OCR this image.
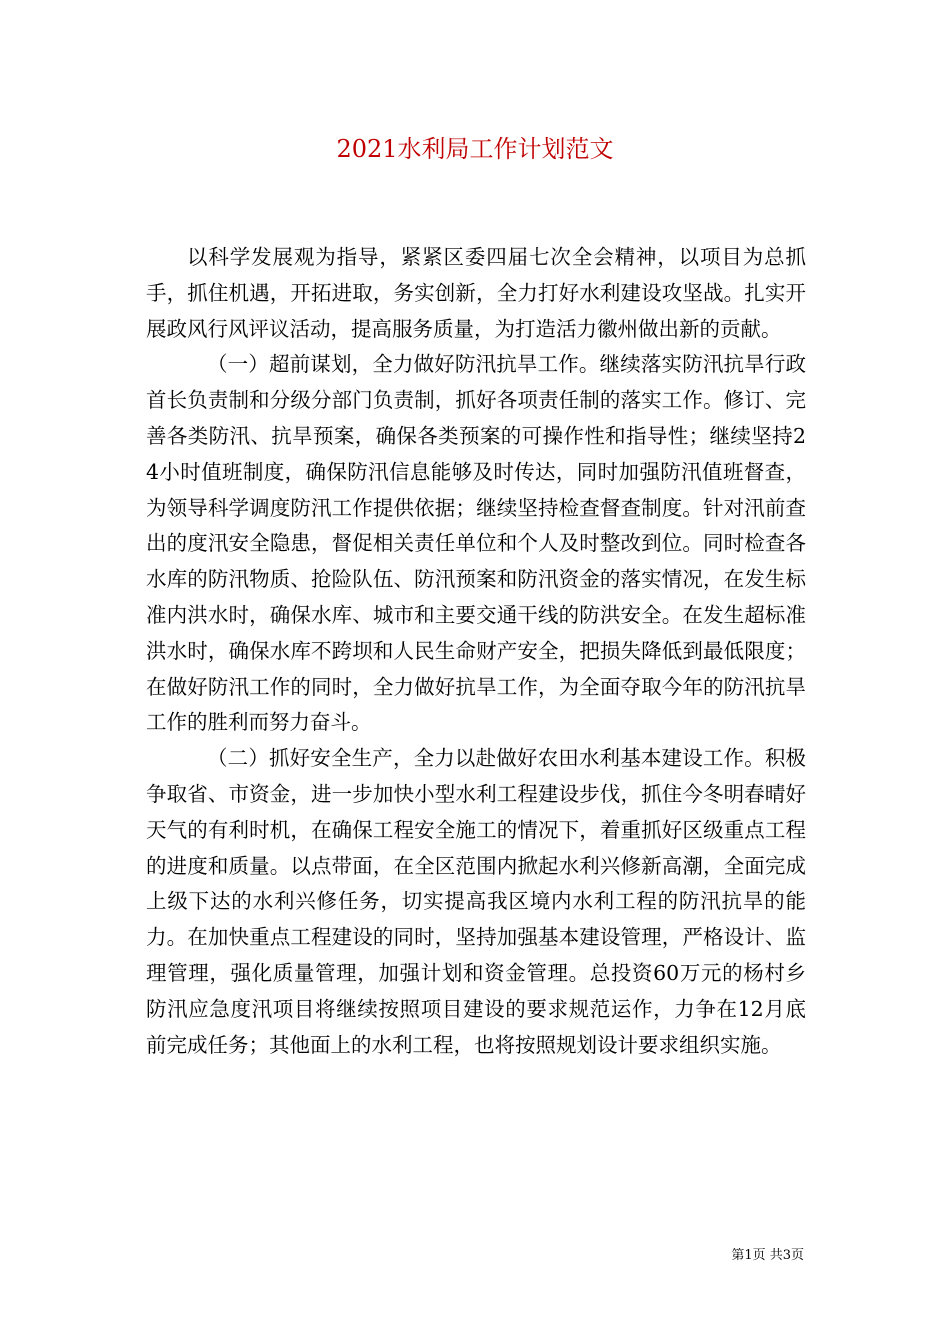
2021水利局工作计划范文

以科学发展观为指导，紧紧区委四届七次全会精神，以项目为总抓手，抓住机遇，开拓进取，务实创新，全力打好水利建设攻坚战。扎实开展政风行风评议活动，提高服务质量，为打造活力徽州做出新的贡献。

（一）超前谋划，全力做好防汛抗旱工作。继续落实防汛抗旱行政首长负责制和分级分部门负责制，抓好各项责任制的落实工作。修订、完善各类防汛、抗旱预案，确保各类预案的可操作性和指导性；继续坚持24小时值班制度，确保防汛信息能够及时传达，同时加强防汛值班督查，为领导科学调度防汛工作提供依据；继续坚持检查督查制度。针对汛前查出的度汛安全隐患，督促相关责任单位和个人及时整改到位。同时检查各水库的防汛物质、抢险队伍、防汛预案和防汛资金的落实情况，在发生标准内洪水时，确保水库、城市和主要交通干线的防洪安全。在发生超标准洪水时，确保水库不跨坝和人民生命财产安全，把损失降低到最低限度；在做好防汛工作的同时，全力做好抗旱工作，为全面夺取今年的防汛抗旱工作的胜利而努力奋斗。

（二）抓好安全生产，全力以赴做好农田水利基本建设工作。积极争取省、市资金，进一步加快小型水利工程建设步伐，抓住今冬明春晴好天气的有利时机，在确保工程安全施工的情况下，着重抓好区级重点工程的进度和质量。以点带面，在全区范围内掀起水利兴修新高潮，全面完成上级下达的水利兴修任务，切实提高我区境内水利工程的防汛抗旱的能力。在加快重点工程建设的同时，坚持加强基本建设管理，严格设计、监理管理，强化质量管理，加强计划和资金管理。总投资60万元的杨村乡防汛应急度汛项目将继续按照项目建设的要求规范运作，力争在12月底前完成任务；其他面上的水利工程，也将按照规划设计要求组织实施。

第1页 共3页
